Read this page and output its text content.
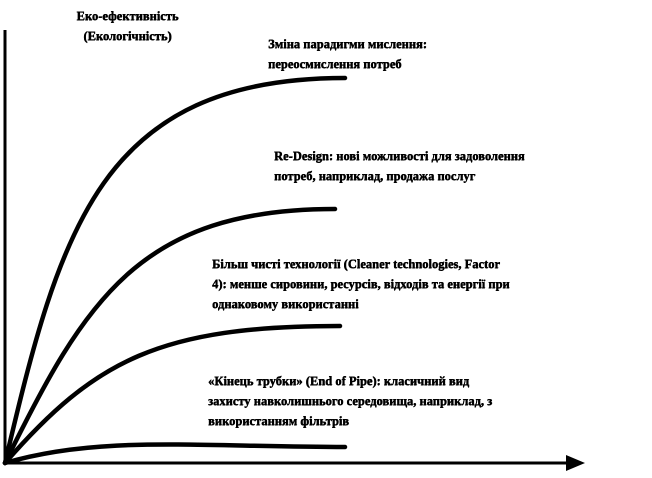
Еко-ефективність
(Екологічність)
Зміна парадигми мислення:
переосмислення потреб
Re-Design: нові можливості для задоволення
потреб, наприклад, продажа послуг
Більш чисті технології (Cleaner technologies, Factor
4): менше сировини, ресурсів, відходів та енергії при
однаковому використанні
«Кінець трубки» (End of Pipe): класичний вид
захисту навколишнього середовища, наприклад, з
використанням фільтрів
